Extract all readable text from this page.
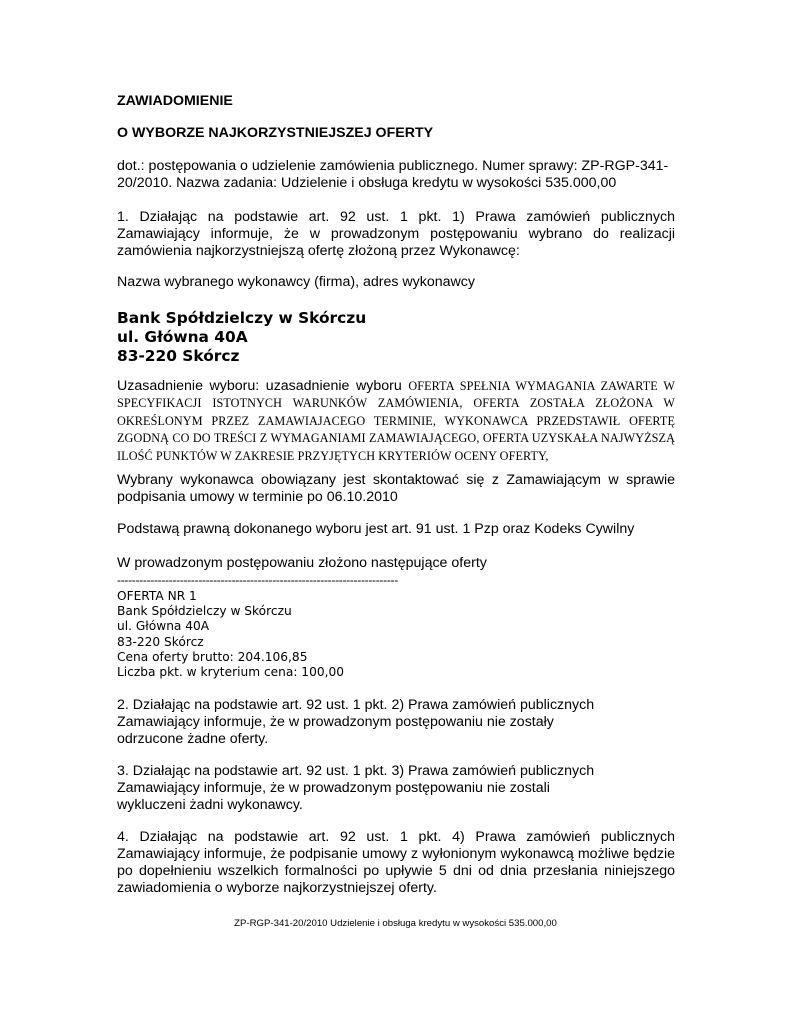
ZAWIADOMIENIE
O WYBORZE NAJKORZYSTNIEJSZEJ OFERTY
dot.: postępowania o udzielenie zamówienia publicznego. Numer sprawy: ZP-RGP-341-
20/2010. Nazwa zadania: Udzielenie i obsługa kredytu w wysokości 535.000,00
1. Działając na podstawie art. 92 ust. 1 pkt. 1) Prawa zamówień publicznych Zamawiający informuje, że w prowadzonym postępowaniu wybrano do realizacji zamówienia najkorzystniejszą ofertę złożoną przez Wykonawcę:
Nazwa wybranego wykonawcy (firma), adres wykonawcy
Bank Spółdzielczy w Skórczu
ul. Główna 40A
83-220 Skórcz
Uzasadnienie wyboru: uzasadnienie wyboru OFERTA SPEŁNIA WYMAGANIA ZAWARTE W SPECYFIKACJI ISTOTNYCH WARUNKÓW ZAMÓWIENIA, OFERTA ZOSTAŁA ZŁOŻONA W OKREŚLONYM PRZEZ ZAMAWIAJACEGO TERMINIE, WYKONAWCA PRZEDSTAWIŁ OFERTĘ ZGODNĄ CO DO TREŚCI Z WYMAGANIAMI ZAMAWIAJĄCEGO, OFERTA UZYSKAŁA NAJWYŻSZĄ ILOŚĆ PUNKTÓW W ZAKRESIE PRZYJĘTYCH KRYTERIÓW OCENY OFERTY,
Wybrany wykonawca obowiązany jest skontaktować się z Zamawiającym w sprawie podpisania umowy w terminie po 06.10.2010
Podstawą prawną dokonanego wyboru jest art. 91 ust. 1 Pzp oraz Kodeks Cywilny
W prowadzonym postępowaniu złożono następujące oferty
----------------------------------------------------------------------------
OFERTA NR 1
Bank Spółdzielczy w Skórczu
ul. Główna 40A
83-220 Skórcz
Cena oferty brutto: 204.106,85
Liczba pkt. w kryterium cena: 100,00
2. Działając na podstawie art. 92 ust. 1 pkt. 2) Prawa zamówień publicznych Zamawiający informuje, że w prowadzonym postępowaniu nie zostały odrzucone żadne oferty.
3. Działając na podstawie art. 92 ust. 1 pkt. 3) Prawa zamówień publicznych Zamawiający informuje, że w prowadzonym postępowaniu nie zostali wykluczeni żadni wykonawcy.
4. Działając na podstawie art. 92 ust. 1 pkt. 4) Prawa zamówień publicznych Zamawiający informuje, że podpisanie umowy z wyłonionym wykonawcą możliwe będzie po dopełnieniu wszelkich formalności po upływie 5 dni od dnia przesłania niniejszego zawiadomienia o wyborze najkorzystniejszej oferty.
ZP-RGP-341-20/2010 Udzielenie i obsługa kredytu w wysokości 535.000,00
